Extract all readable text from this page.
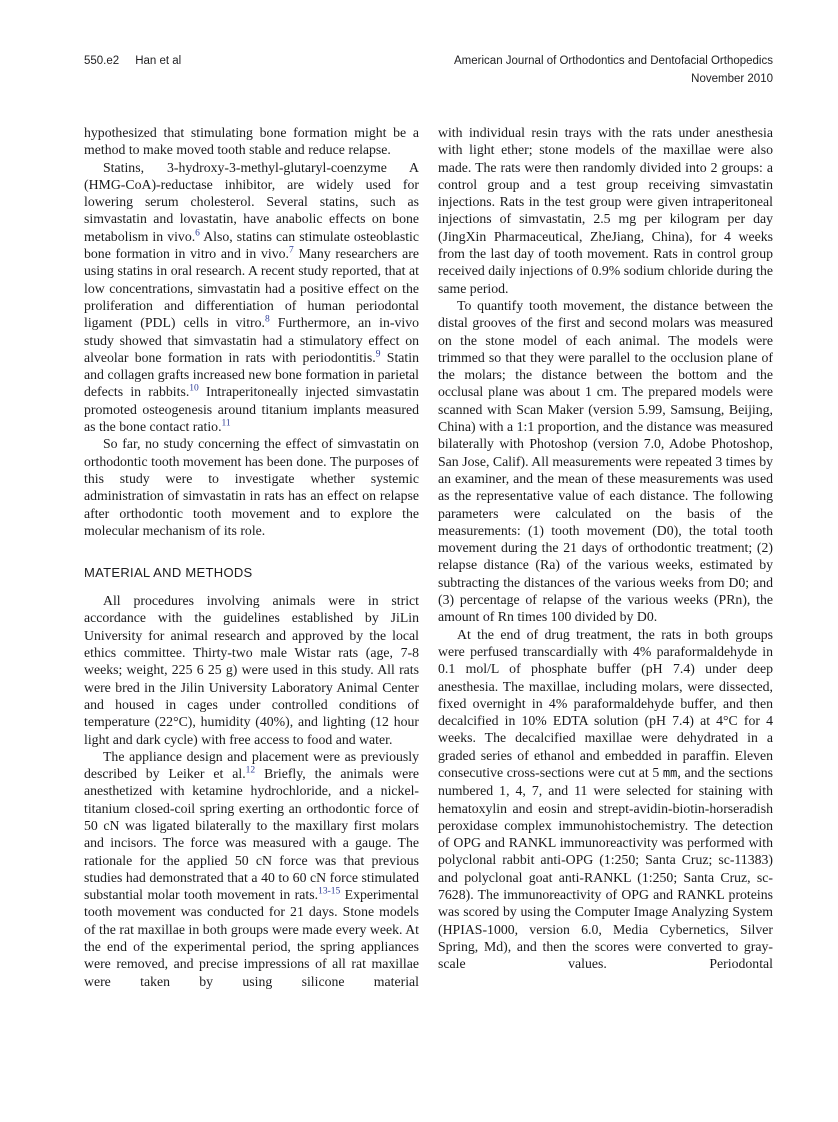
550.e2 Han et al	American Journal of Orthodontics and Dentofacial Orthopedics
November 2010

hypothesized that stimulating bone formation might be a method to make moved tooth stable and reduce relapse.

Statins, 3-hydroxy-3-methyl-glutaryl-coenzyme A (HMG-CoA)-reductase inhibitor, are widely used for lowering serum cholesterol. Several statins, such as simvastatin and lovastatin, have anabolic effects on bone metabolism in vivo.$^6$ Also, statins can stimulate osteoblastic bone formation in vitro and in vivo.$^7$ Many researchers are using statins in oral research. A recent study reported, that at low concentrations, simvastatin had a positive effect on the proliferation and differentiation of human periodontal ligament (PDL) cells in vitro.$^8$ Furthermore, an in-vivo study showed that simvastatin had a stimulatory effect on alveolar bone formation in rats with periodontitis.$^9$ Statin and collagen grafts increased new bone formation in parietal defects in rabbits.$^{10}$ Intraperitoneally injected simvastatin promoted osteogenesis around titanium implants measured as the bone contact ratio.$^{11}$

So far, no study concerning the effect of simvastatin on orthodontic tooth movement has been done. The purposes of this study were to investigate whether systemic administration of simvastatin in rats has an effect on relapse after orthodontic tooth movement and to explore the molecular mechanism of its role.

MATERIAL AND METHODS

All procedures involving animals were in strict accordance with the guidelines established by JiLin University for animal research and approved by the local ethics committee. Thirty-two male Wistar rats (age, 7-8 weeks; weight, 225 6 25 g) were used in this study. All rats were bred in the Jilin University Laboratory Animal Center and housed in cages under controlled conditions of temperature (22°C), humidity (40%), and lighting (12 hour light and dark cycle) with free access to food and water.

The appliance design and placement were as previously described by Leiker et al.$^{12}$ Briefly, the animals were anesthetized with ketamine hydrochloride, and a nickel-titanium closed-coil spring exerting an orthodontic force of 50 cN was ligated bilaterally to the maxillary first molars and incisors. The force was measured with a gauge. The rationale for the applied 50 cN force was that previous studies had demonstrated that a 40 to 60 cN force stimulated substantial molar tooth movement in rats.$^{13-15}$ Experimental tooth movement was conducted for 21 days. Stone models of the rat maxillae in both groups were made every week. At the end of the experimental period, the spring appliances were removed, and precise impressions of all rat maxillae were taken by using silicone material

with individual resin trays with the rats under anesthesia with light ether; stone models of the maxillae were also made. The rats were then randomly divided into 2 groups: a control group and a test group receiving simvastatin injections. Rats in the test group were given intraperitoneal injections of simvastatin, 2.5 mg per kilogram per day (JingXin Pharmaceutical, ZheJiang, China), for 4 weeks from the last day of tooth movement. Rats in control group received daily injections of 0.9% sodium chloride during the same period.

To quantify tooth movement, the distance between the distal grooves of the first and second molars was measured on the stone model of each animal. The models were trimmed so that they were parallel to the occlusion plane of the molars; the distance between the bottom and the occlusal plane was about 1 cm. The prepared models were scanned with Scan Maker (version 5.99, Samsung, Beijing, China) with a 1:1 proportion, and the distance was measured bilaterally with Photoshop (version 7.0, Adobe Photoshop, San Jose, Calif). All measurements were repeated 3 times by an examiner, and the mean of these measurements was used as the representative value of each distance. The following parameters were calculated on the basis of the measurements: (1) tooth movement (D0), the total tooth movement during the 21 days of orthodontic treatment; (2) relapse distance (Ra) of the various weeks, estimated by subtracting the distances of the various weeks from D0; and (3) percentage of relapse of the various weeks (PRn), the amount of Rn times 100 divided by D0.

At the end of drug treatment, the rats in both groups were perfused transcardially with 4% paraformaldehyde in 0.1 mol/L of phosphate buffer (pH 7.4) under deep anesthesia. The maxillae, including molars, were dissected, fixed overnight in 4% paraformaldehyde buffer, and then decalcified in 10% EDTA solution (pH 7.4) at 4°C for 4 weeks. The decalcified maxillae were dehydrated in a graded series of ethanol and embedded in paraffin. Eleven consecutive cross-sections were cut at 5 mm, and the sections numbered 1, 4, 7, and 11 were selected for staining with hematoxylin and eosin and strept-avidin-biotin-horseradish peroxidase complex immunohistochemistry. The detection of OPG and RANKL immunoreactivity was performed with polyclonal rabbit anti-OPG (1:250; Santa Cruz; sc-11383) and polyclonal goat anti-RANKL (1:250; Santa Cruz, sc-7628). The immunoreactivity of OPG and RANKL proteins was scored by using the Computer Image Analyzing System (HPIAS-1000, version 6.0, Media Cybernetics, Silver Spring, Md), and then the scores were converted to gray-scale values. Periodontal
